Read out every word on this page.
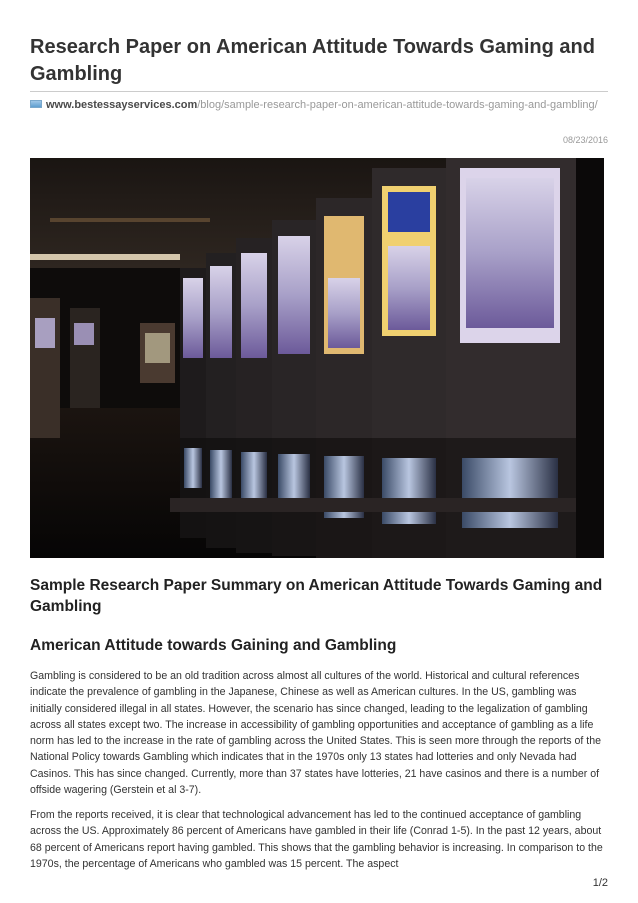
Research Paper on American Attitude Towards Gaming and Gambling
www.bestessayservices.com/blog/sample-research-paper-on-american-attitude-towards-gaming-and-gambling/
08/23/2016
Sample Research Paper Summary on American Attitude Towards Gaming and Gambling
American Attitude towards Gaining and Gambling

Gambling is considered to be an old tradition across almost all cultures of the world. Historical and cultural references indicate the prevalence of gambling in the Japanese, Chinese as well as American cultures. In the US, gambling was initially considered illegal in all states. However, the scenario has since changed, leading to the legalization of gambling across all states except two. The increase in accessibility of gambling opportunities and acceptance of gambling as a life norm has led to the increase in the rate of gambling across the United States. This is seen more through the reports of the National Policy towards Gambling which indicates that in the 1970s only 13 states had lotteries and only Nevada had Casinos. This has since changed. Currently, more than 37 states have lotteries, 21 have casinos and there is a number of offside wagering (Gerstein et al 3-7).

From the reports received, it is clear that technological advancement has led to the continued acceptance of gambling across the US. Approximately 86 percent of Americans have gambled in their life (Conrad 1-5). In the past 12 years, about 68 percent of Americans report having gambled. This shows that the gambling behavior is increasing. In comparison to the 1970s, the percentage of Americans who gambled was 15 percent. The aspect

1/2
